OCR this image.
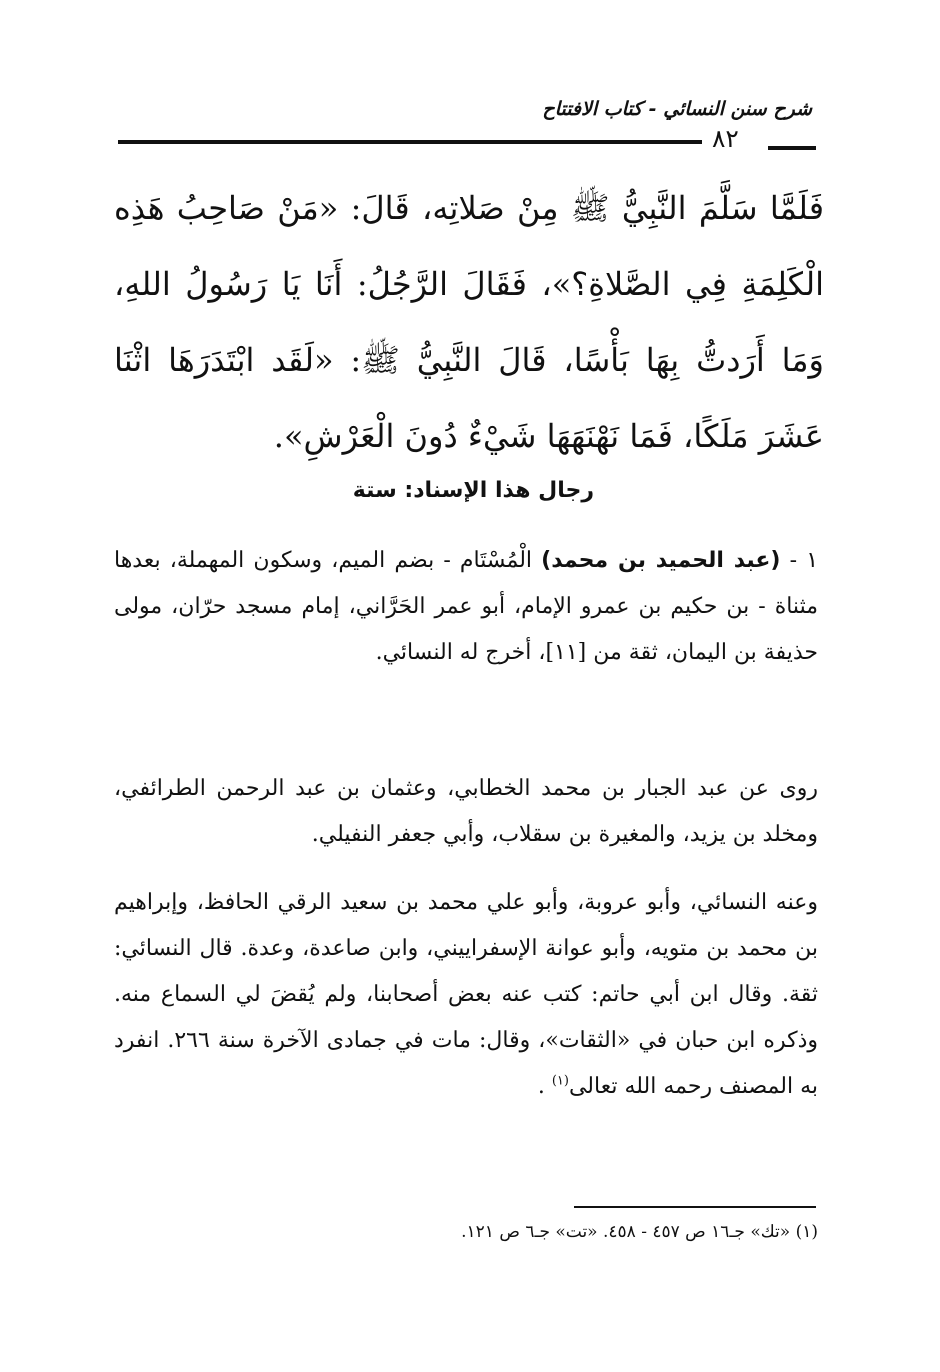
شرح سنن النسائي - كتاب الافتتاح
٨٢

فَلَمَّا سَلَّمَ النَّبِيُّ ﷺ مِنْ صَلاتِه، قَالَ: «مَنْ صَاحِبُ هَذِه الْكَلِمَةِ فِي الصَّلاةِ؟»، فَقَالَ الرَّجُلُ: أَنَا يَا رَسُولُ اللهِ، وَمَا أَرَدتُّ بِهَا بَأْسًا، قَالَ النَّبِيُّ ﷺ: «لَقَد ابْتَدَرَهَا اثْنَا عَشَرَ مَلَكًا، فَمَا نَهْنَهَهَا شَيْءٌ دُونَ الْعَرْشِ».

رجال هذا الإسناد: ستة

١ - (عبد الحميد بن محمد) الْمُسْتَام - بضم الميم، وسكون المهملة، بعدها مثناة - بن حكيم بن عمرو الإمام، أبو عمر الحَرَّاني، إمام مسجد حرّان، مولى حذيفة بن اليمان، ثقة من [١١]، أخرج له النسائي.

روى عن عبد الجبار بن محمد الخطابي، وعثمان بن عبد الرحمن الطرائفي، ومخلد بن يزيد، والمغيرة بن سقلاب، وأبي جعفر النفيلي.

وعنه النسائي، وأبو عروبة، وأبو علي محمد بن سعيد الرقي الحافظ، وإبراهيم بن محمد بن متويه، وأبو عوانة الإسفراييني، وابن صاعدة، وعدة. قال النسائي: ثقة. وقال ابن أبي حاتم: كتب عنه بعض أصحابنا، ولم يُقضَ لي السماع منه. وذكره ابن حبان في «الثقات»، وقال: مات في جمادى الآخرة سنة ٢٦٦. انفرد به المصنف رحمه الله تعالى$^{(١)}$ .

(١) «تك» جـ١٦ ص ٤٥٧ - ٤٥٨. «تت» جـ٦ ص ١٢١.
